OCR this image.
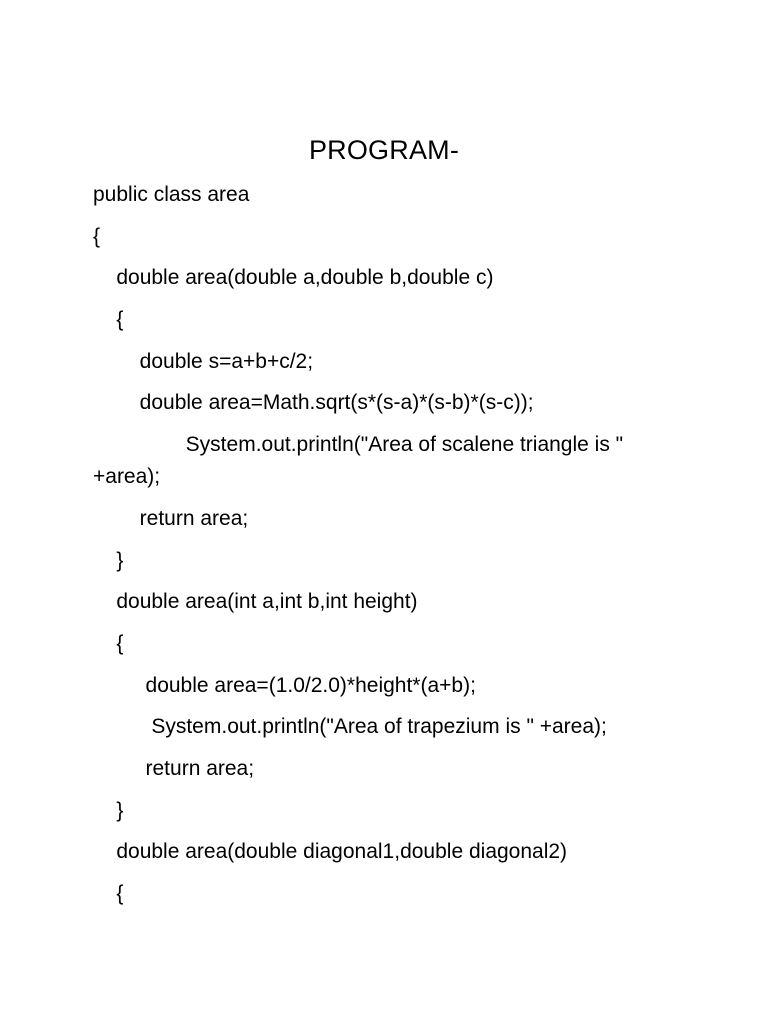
PROGRAM-
public class area
{
double area(double a,double b,double c)
{
double s=a+b+c/2;
double area=Math.sqrt(s*(s-a)*(s-b)*(s-c));
System.out.println("Area of scalene triangle is "
+area);
return area;
}
double area(int a,int b,int height)
{
double area=(1.0/2.0)*height*(a+b);
System.out.println("Area of trapezium is " +area);
return area;
}
double area(double diagonal1,double diagonal2)
{
